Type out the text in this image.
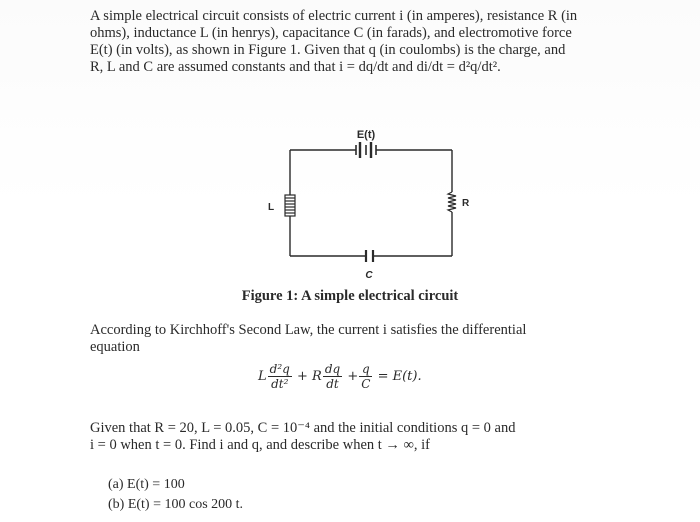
A simple electrical circuit consists of electric current i (in amperes), resistance R (in
ohms), inductance L (in henrys), capacitance C (in farads), and electromotive force
E(t) (in volts), as shown in Figure 1. Given that q (in coulombs) is the charge, and
R, L and C are assumed constants and that i = dq/dt and di/dt = d²q/dt².
E(t)
L	R
C
Figure 1: A simple electrical circuit
According to Kirchhoff's Second Law, the current i satisfies the differential
equation
L $\frac{\text{d²q}}{\text{dt²}} + R \frac{dq}{dt} + \frac{q}{C} = E(t)$.
Given that R = 20, L = 0.05, C = 10⁻⁴ and the initial conditions q = 0 and
i = 0 when t = 0. Find i and q, and describe when t → ∞, if
(a) E(t) = 100
(b) E(t) = 100 cos 200 t.
